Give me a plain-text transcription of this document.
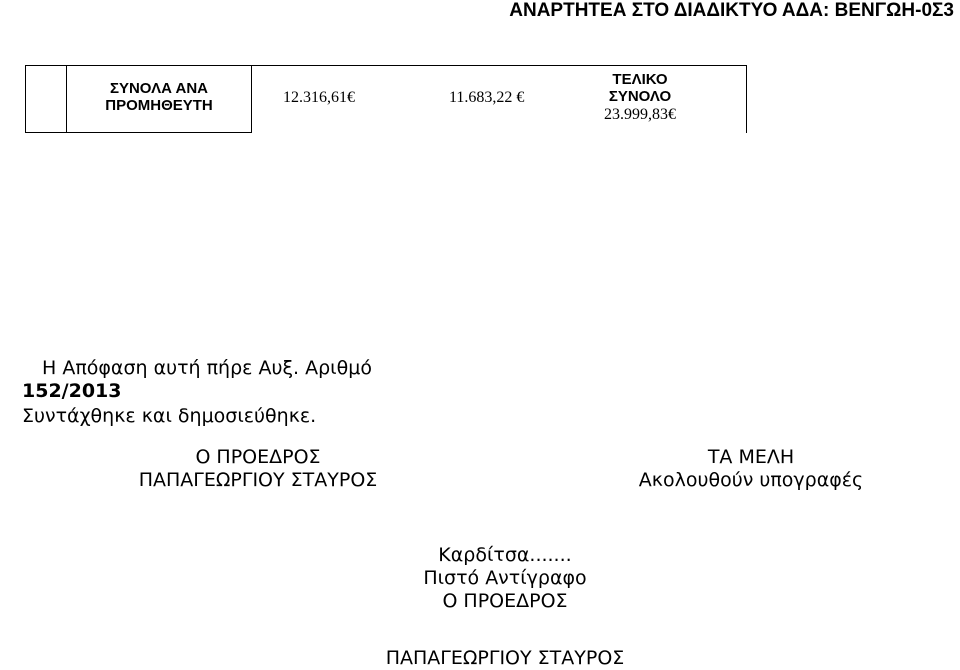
ΑΝΑΡΤΗΤΕΑ ΣΤΟ ΔΙΑΔΙΚΤΥΟ ΑΔΑ: ΒΕΝΓΩΗ-0Σ3
ΣΥΝΟΛΑ ΑΝΑ
ΠΡΟΜΗΘΕΥΤΗ	12.316,61€	11.683,22 €
ΤΕΛΙΚΟ
ΣΥΝΟΛΟ
23.999,83€
Η Απόφαση αυτή πήρε Αυξ. Αριθμό
152/2013
Συντάχθηκε και δημοσιεύθηκε.
Ο ΠΡΟΕΔΡΟΣ
ΠΑΠΑΓΕΩΡΓΙΟΥ ΣΤΑΥΡΟΣ
ΤΑ ΜΕΛΗ
Ακολουθούν υπογραφές
Καρδίτσα.......
Πιστό Αντίγραφο
Ο ΠΡΟΕΔΡΟΣ
ΠΑΠΑΓΕΩΡΓΙΟΥ ΣΤΑΥΡΟΣ
